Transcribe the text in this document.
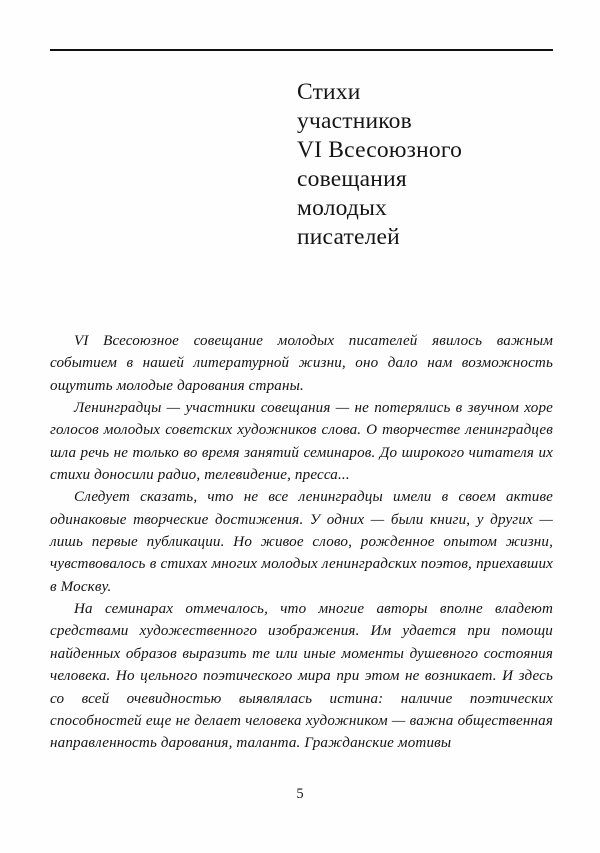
Стихи
участников
VI Всесоюзного
совещания
молодых
писателей

VI Всесоюзное совещание молодых писателей явилось важным событием в нашей литературной жизни, оно дало нам возможность ощутить молодые дарования страны.

Ленинградцы — участники совещания — не потерялись в звучном хоре голосов молодых советских художников слова. О творчестве ленинградцев шла речь не только во время занятий семинаров. До широкого читателя их стихи доносили радио, телевидение, пресса...

Следует сказать, что не все ленинградцы имели в своем активе одинаковые творческие достижения. У одних — были книги, у других — лишь первые публикации. Но живое слово, рожденное опытом жизни, чувствовалось в стихах многих молодых ленинградских поэтов, приехавших в Москву.

На семинарах отмечалось, что многие авторы вполне владеют средствами художественного изображения. Им удается при помощи найденных образов выразить те или иные моменты душевного состояния человека. Но цельного поэтического мира при этом не возникает. И здесь со всей очевидностью выявлялась истина: наличие поэтических способностей еще не делает человека художником — важна общественная направленность дарования, таланта. Гражданские мотивы

5
